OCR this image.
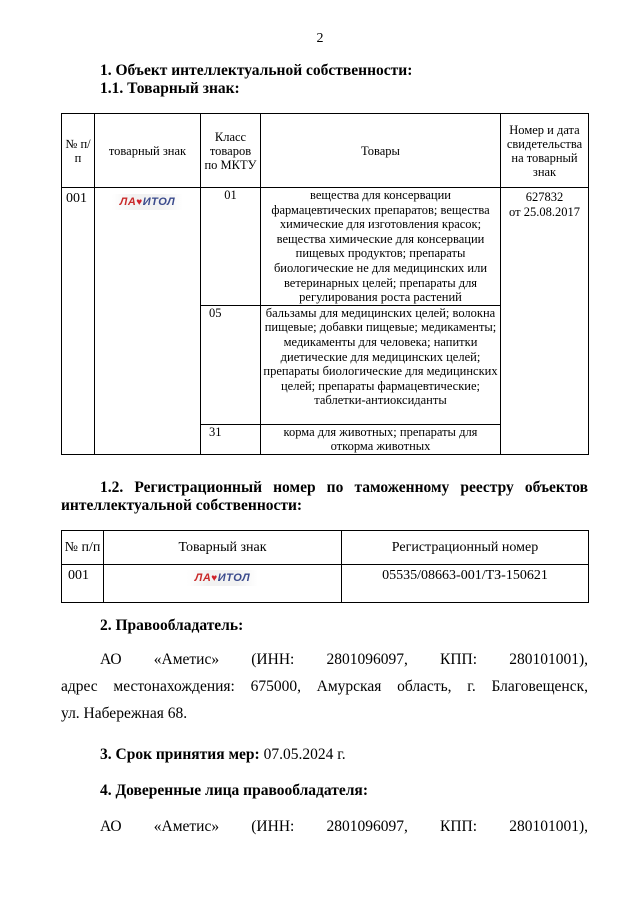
2
1. Объект интеллектуальной собственности:
1.1. Товарный знак:
№ п/п	товарный знак	Класс товаров по МКТУ	Товары	Номер и дата свидетельства на товарный знак
001	ЛА♥ИТОЛ	01	вещества для консервации фармацевтических препаратов; вещества химические для изготовления красок; вещества химические для консервации пищевых продуктов; препараты биологические не для медицинских или ветеринарных целей; препараты для регулирования роста растений	627832
от 25.08.2017

		05	бальзамы для медицинских целей; волокна пищевые; добавки пищевые; медикаменты; медикаменты для человека; напитки диетические для медицинских целей; препараты биологические для медицинских целей; препараты фармацевтические; таблетки-антиоксиданты	
		31	корма для животных; препараты для откорма животных	
1.2. Регистрационный номер по таможенному реестру объектов
интеллектуальной собственности:
№ п/п	Товарный знак	Регистрационный номер
001	ЛА♥ИТОЛ	05535/08663-001/ТЗ-150621
2. Правообладатель:
АО «Аметис» (ИНН: 2801096097, КПП: 280101001),
адрес местонахождения: 675000, Амурская область, г. Благовещенск,
ул. Набережная 68.
3. Срок принятия мер: 07.05.2024 г.
4. Доверенные лица правообладателя:
АО «Аметис» (ИНН: 2801096097, КПП: 280101001),
